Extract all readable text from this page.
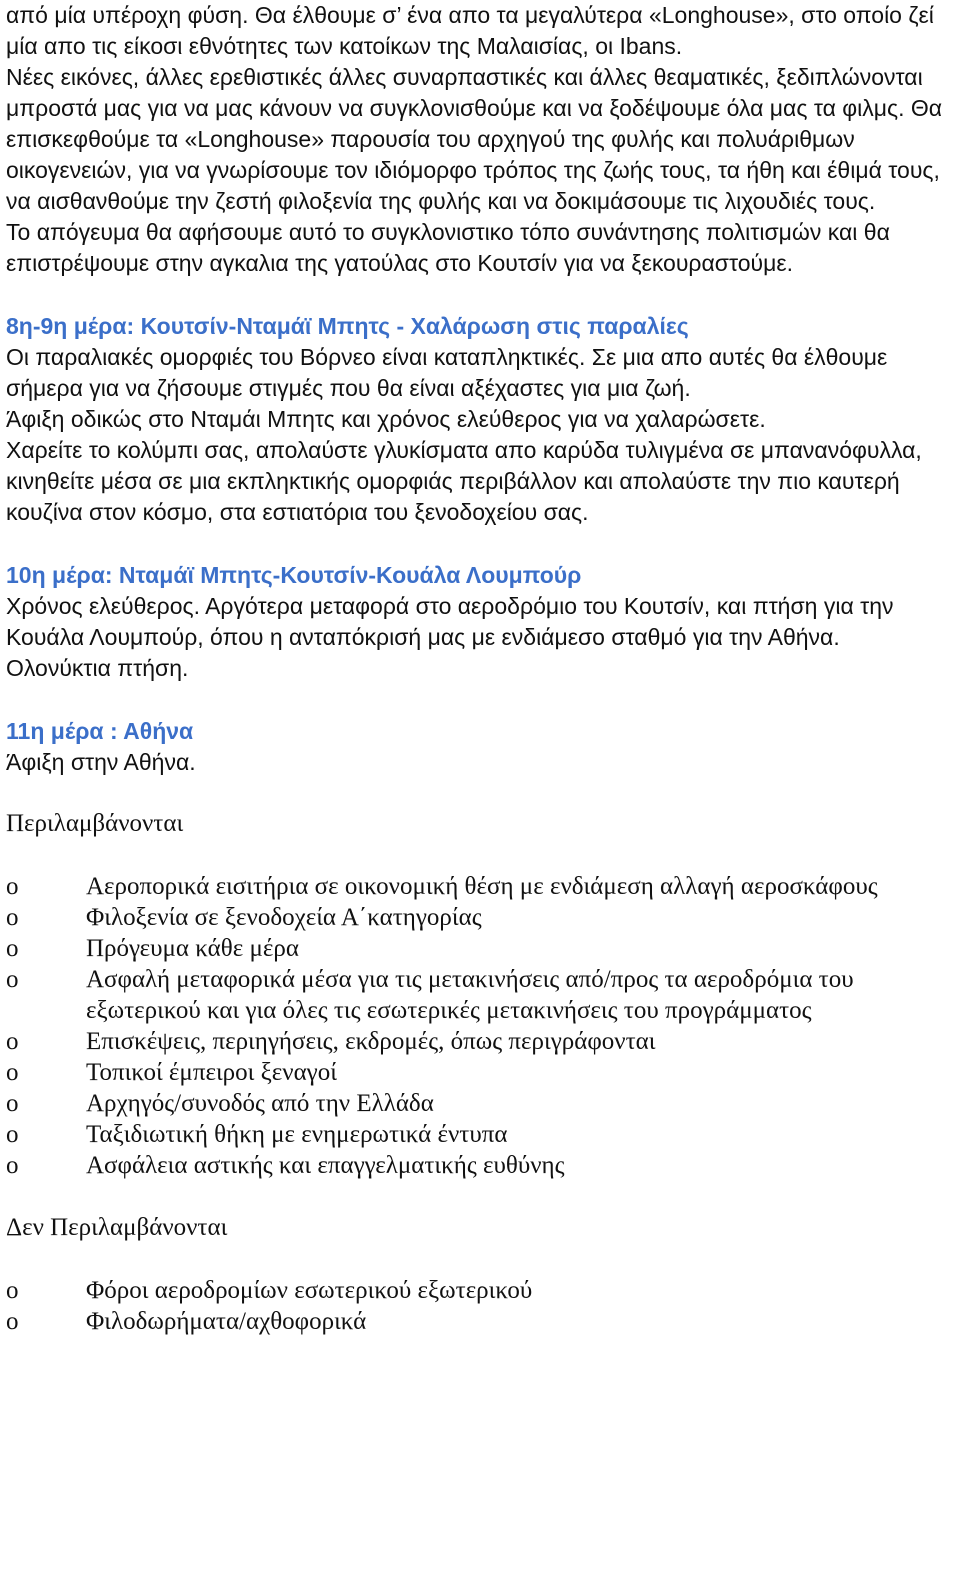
από μία υπέροχη φύση. Θα έλθουμε σ’ ένα απο τα μεγαλύτερα «Longhouse», στο οποίο ζεί μία απο τις είκοσι εθνότητες των κατοίκων της Μαλαισίας, οι Ibans.

Νέες εικόνες, άλλες ερεθιστικές άλλες συναρπαστικές και άλλες θεαματικές, ξεδιπλώνονται μπροστά μας για να μας κάνουν να συγκλονισθούμε και να ξοδέψουμε όλα μας τα φιλμς. Θα επισκεφθούμε τα «Longhouse» παρουσία του αρχηγού της φυλής και πολυάριθμων οικογενειών, για να γνωρίσουμε τον ιδιόμορφο τρόπος της ζωής τους, τα ήθη και έθιμά τους, να αισθανθούμε την ζεστή φιλοξενία της φυλής και να δοκιμάσουμε τις λιχουδιές τους.

Το απόγευμα θα αφήσουμε αυτό το συγκλονιστικο τόπο συνάντησης πολιτισμών και θα επιστρέψουμε στην αγκαλια της γατούλας στο Κουτσίν για να ξεκουραστούμε.

8η-9η μέρα: Κουτσίν-Νταμάϊ Μπητς - Χαλάρωση στις παραλίες

Οι παραλιακές ομορφιές του Βόρνεο είναι καταπληκτικές. Σε μια απο αυτές θα έλθουμε σήμερα για να ζήσουμε στιγμές που θα είναι αξέχαστες για μια ζωή.

Άφιξη οδικώς στο Νταμάι Μπητς και χρόνος ελεύθερος για να χαλαρώσετε.

Χαρείτε το κολύμπι σας, απολαύστε γλυκίσματα απο καρύδα τυλιγμένα σε μπανανόφυλλα, κινηθείτε μέσα σε μια εκπληκτικής ομορφιάς περιβάλλον και απολαύστε την πιο καυτερή κουζίνα στον κόσμο, στα εστιατόρια του ξενοδοχείου σας.

10η μέρα: Νταμάϊ Μπητς-Κουτσίν-Κουάλα Λουμπούρ

Χρόνος ελεύθερος. Αργότερα μεταφορά στο αεροδρόμιο του Κουτσίν, και πτήση για την Κουάλα Λουμπούρ, όπου η ανταπόκρισή μας με ενδιάμεσο σταθμό για την Αθήνα.

Ολονύκτια πτήση.

11η μέρα : Αθήνα

Άφιξη στην Αθήνα.

Περιλαμβάνονται

o	Αεροπορικά εισιτήρια σε οικονομική θέση με ενδιάμεση αλλαγή αεροσκάφους
o	Φιλοξενία σε ξενοδοχεία Α΄κατηγορίας
o	Πρόγευμα κάθε μέρα
o	Ασφαλή μεταφορικά μέσα για τις μετακινήσεις από/προς τα αεροδρόμια του εξωτερικού και για όλες τις εσωτερικές μετακινήσεις του προγράμματος
o	Επισκέψεις, περιηγήσεις, εκδρομές, όπως περιγράφονται
o	Τοπικοί έμπειροι ξεναγοί
o	Αρχηγός/συνοδός από την Ελλάδα
o	Ταξιδιωτική θήκη με ενημερωτικά έντυπα
o	Ασφάλεια αστικής και επαγγελματικής ευθύνης

Δεν Περιλαμβάνονται

o	Φόροι αεροδρομίων εσωτερικού εξωτερικού
o	Φιλοδωρήματα/αχθοφορικά
